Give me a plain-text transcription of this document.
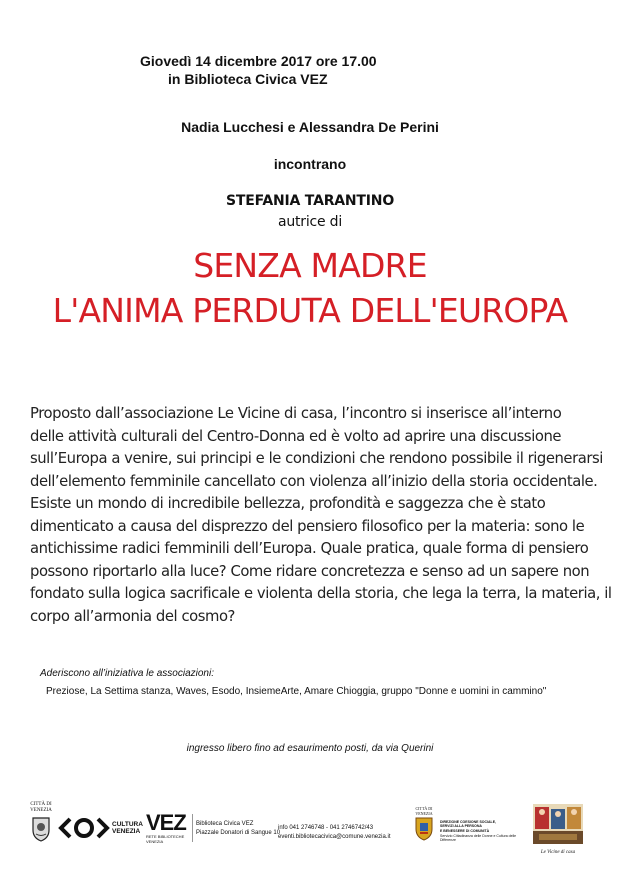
Giovedì 14 dicembre 2017 ore 17.00
in Biblioteca Civica VEZ
Nadia Lucchesi e Alessandra De Perini
incontrano
STEFANIA TARANTINO
autrice di
SENZA MADRE
L'ANIMA PERDUTA DELL'EUROPA
Proposto dall’associazione Le Vicine di casa, l’incontro si inserisce all’interno
delle attività culturali del Centro-Donna ed è volto ad aprire una discussione
sull’Europa a venire, sui principi e le condizioni che rendono possibile il rigenerarsi
dell’elemento femminile cancellato con violenza all’inizio della storia occidentale.
Esiste un mondo di incredibile bellezza, profondità e saggezza che è stato
dimenticato a causa del disprezzo del pensiero filosofico per la materia: sono le
antichissime radici femminili dell’Europa. Quale pratica, quale forma di pensiero
possono riportarlo alla luce? Come ridare concretezza e senso ad un sapere non
fondato sulla logica sacrificale e violenta della storia, che lega la terra, la materia, il
corpo all’armonia del cosmo?
Aderiscono all’iniziativa le associazioni:
Preziose, La Settima stanza, Waves, Esodo, InsiemeArte, Amare Chioggia, gruppo "Donne e uomini in cammino"
ingresso libero fino ad esaurimento posti, da via Querini
CITTÀ DI VENEZIA
CULTURA VENEZIA VEZ
RETE BIBLIOTECHE VENEZIA
Biblioteca Civica VEZ
Piazzale Donatori di Sangue 10
info 041 2746748 - 041 2746742/43
eventi.bibliotecacivica@comune.venezia.it
CITTÀ DI VENEZIA
DIREZIONE COESIONE SOCIALE,
SERVIZI ALLA PERSONA
E BENESSERE DI COMUNITÀ
Servizio Cittadinanza delle Donne e Cultura delle Differenze
Le Vicine di casa
